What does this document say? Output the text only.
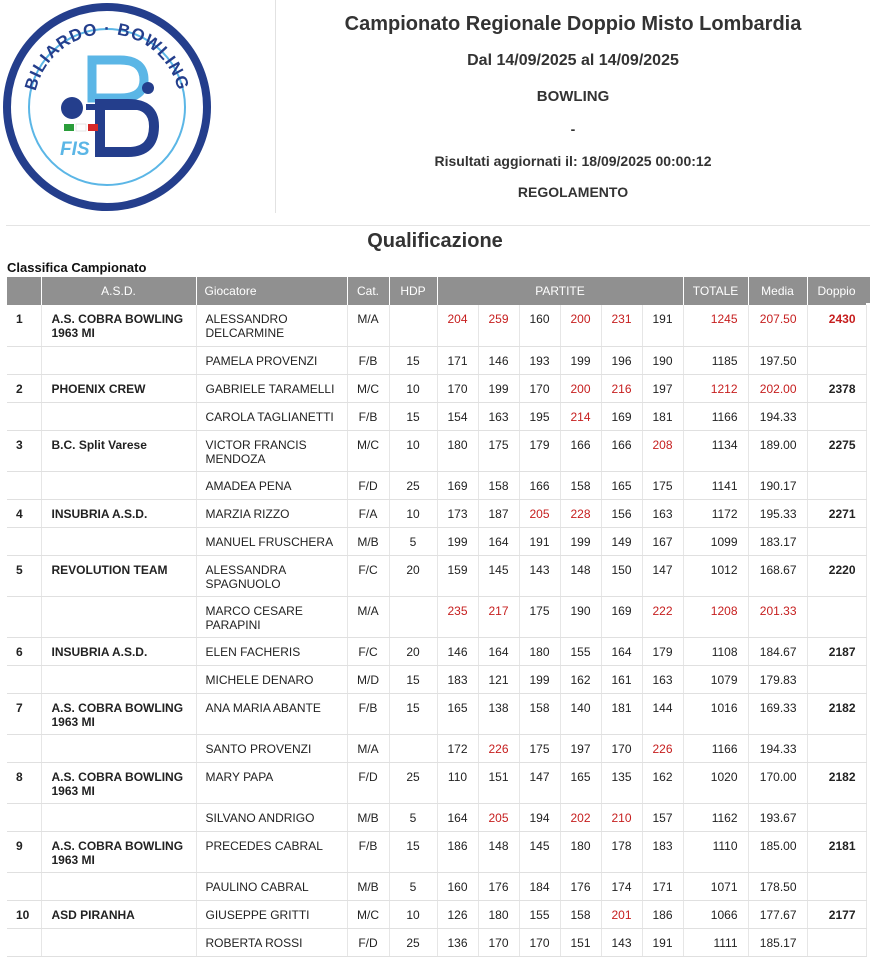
BILIARDO · BOWLING
FIS
Campionato Regionale Doppio Misto Lombardia
Dal 14/09/2025 al 14/09/2025
BOWLING
-
Risultati aggiornati il: 18/09/2025 00:00:12
REGOLAMENTO
Qualificazione
Classifica Campionato
	A.S.D.	Giocatore	Cat.	HDP	PARTITE						TOTALE	Media	Doppio
1	A.S. COBRA BOWLING 1963 MI	ALESSANDRO DELCARMINE	M/A		204	259	160	200	231	191	1245	207.50	2430
		PAMELA PROVENZI	F/B	15	171	146	193	199	196	190	1185	197.50	
2	PHOENIX CREW	GABRIELE TARAMELLI	M/C	10	170	199	170	200	216	197	1212	202.00	2378
		CAROLA TAGLIANETTI	F/B	15	154	163	195	214	169	181	1166	194.33	
3	B.C. Split Varese	VICTOR FRANCIS MENDOZA	M/C	10	180	175	179	166	166	208	1134	189.00	2275
		AMADEA PENA	F/D	25	169	158	166	158	165	175	1141	190.17	
4	INSUBRIA A.S.D.	MARZIA RIZZO	F/A	10	173	187	205	228	156	163	1172	195.33	2271
		MANUEL FRUSCHERA	M/B	5	199	164	191	199	149	167	1099	183.17	
5	REVOLUTION TEAM	ALESSANDRA SPAGNUOLO	F/C	20	159	145	143	148	150	147	1012	168.67	2220
		MARCO CESARE PARAPINI	M/A		235	217	175	190	169	222	1208	201.33	
6	INSUBRIA A.S.D.	ELEN FACHERIS	F/C	20	146	164	180	155	164	179	1108	184.67	2187
		MICHELE DENARO	M/D	15	183	121	199	162	161	163	1079	179.83	
7	A.S. COBRA BOWLING 1963 MI	ANA MARIA ABANTE	F/B	15	165	138	158	140	181	144	1016	169.33	2182
		SANTO PROVENZI	M/A		172	226	175	197	170	226	1166	194.33	
8	A.S. COBRA BOWLING 1963 MI	MARY PAPA	F/D	25	110	151	147	165	135	162	1020	170.00	2182
		SILVANO ANDRIGO	M/B	5	164	205	194	202	210	157	1162	193.67	
9	A.S. COBRA BOWLING 1963 MI	PRECEDES CABRAL	F/B	15	186	148	145	180	178	183	1110	185.00	2181
		PAULINO CABRAL	M/B	5	160	176	184	176	174	171	1071	178.50	
10	ASD PIRANHA	GIUSEPPE GRITTI	M/C	10	126	180	155	158	201	186	1066	177.67	2177
		ROBERTA ROSSI	F/D	25	136	170	170	151	143	191	1111	185.17	
